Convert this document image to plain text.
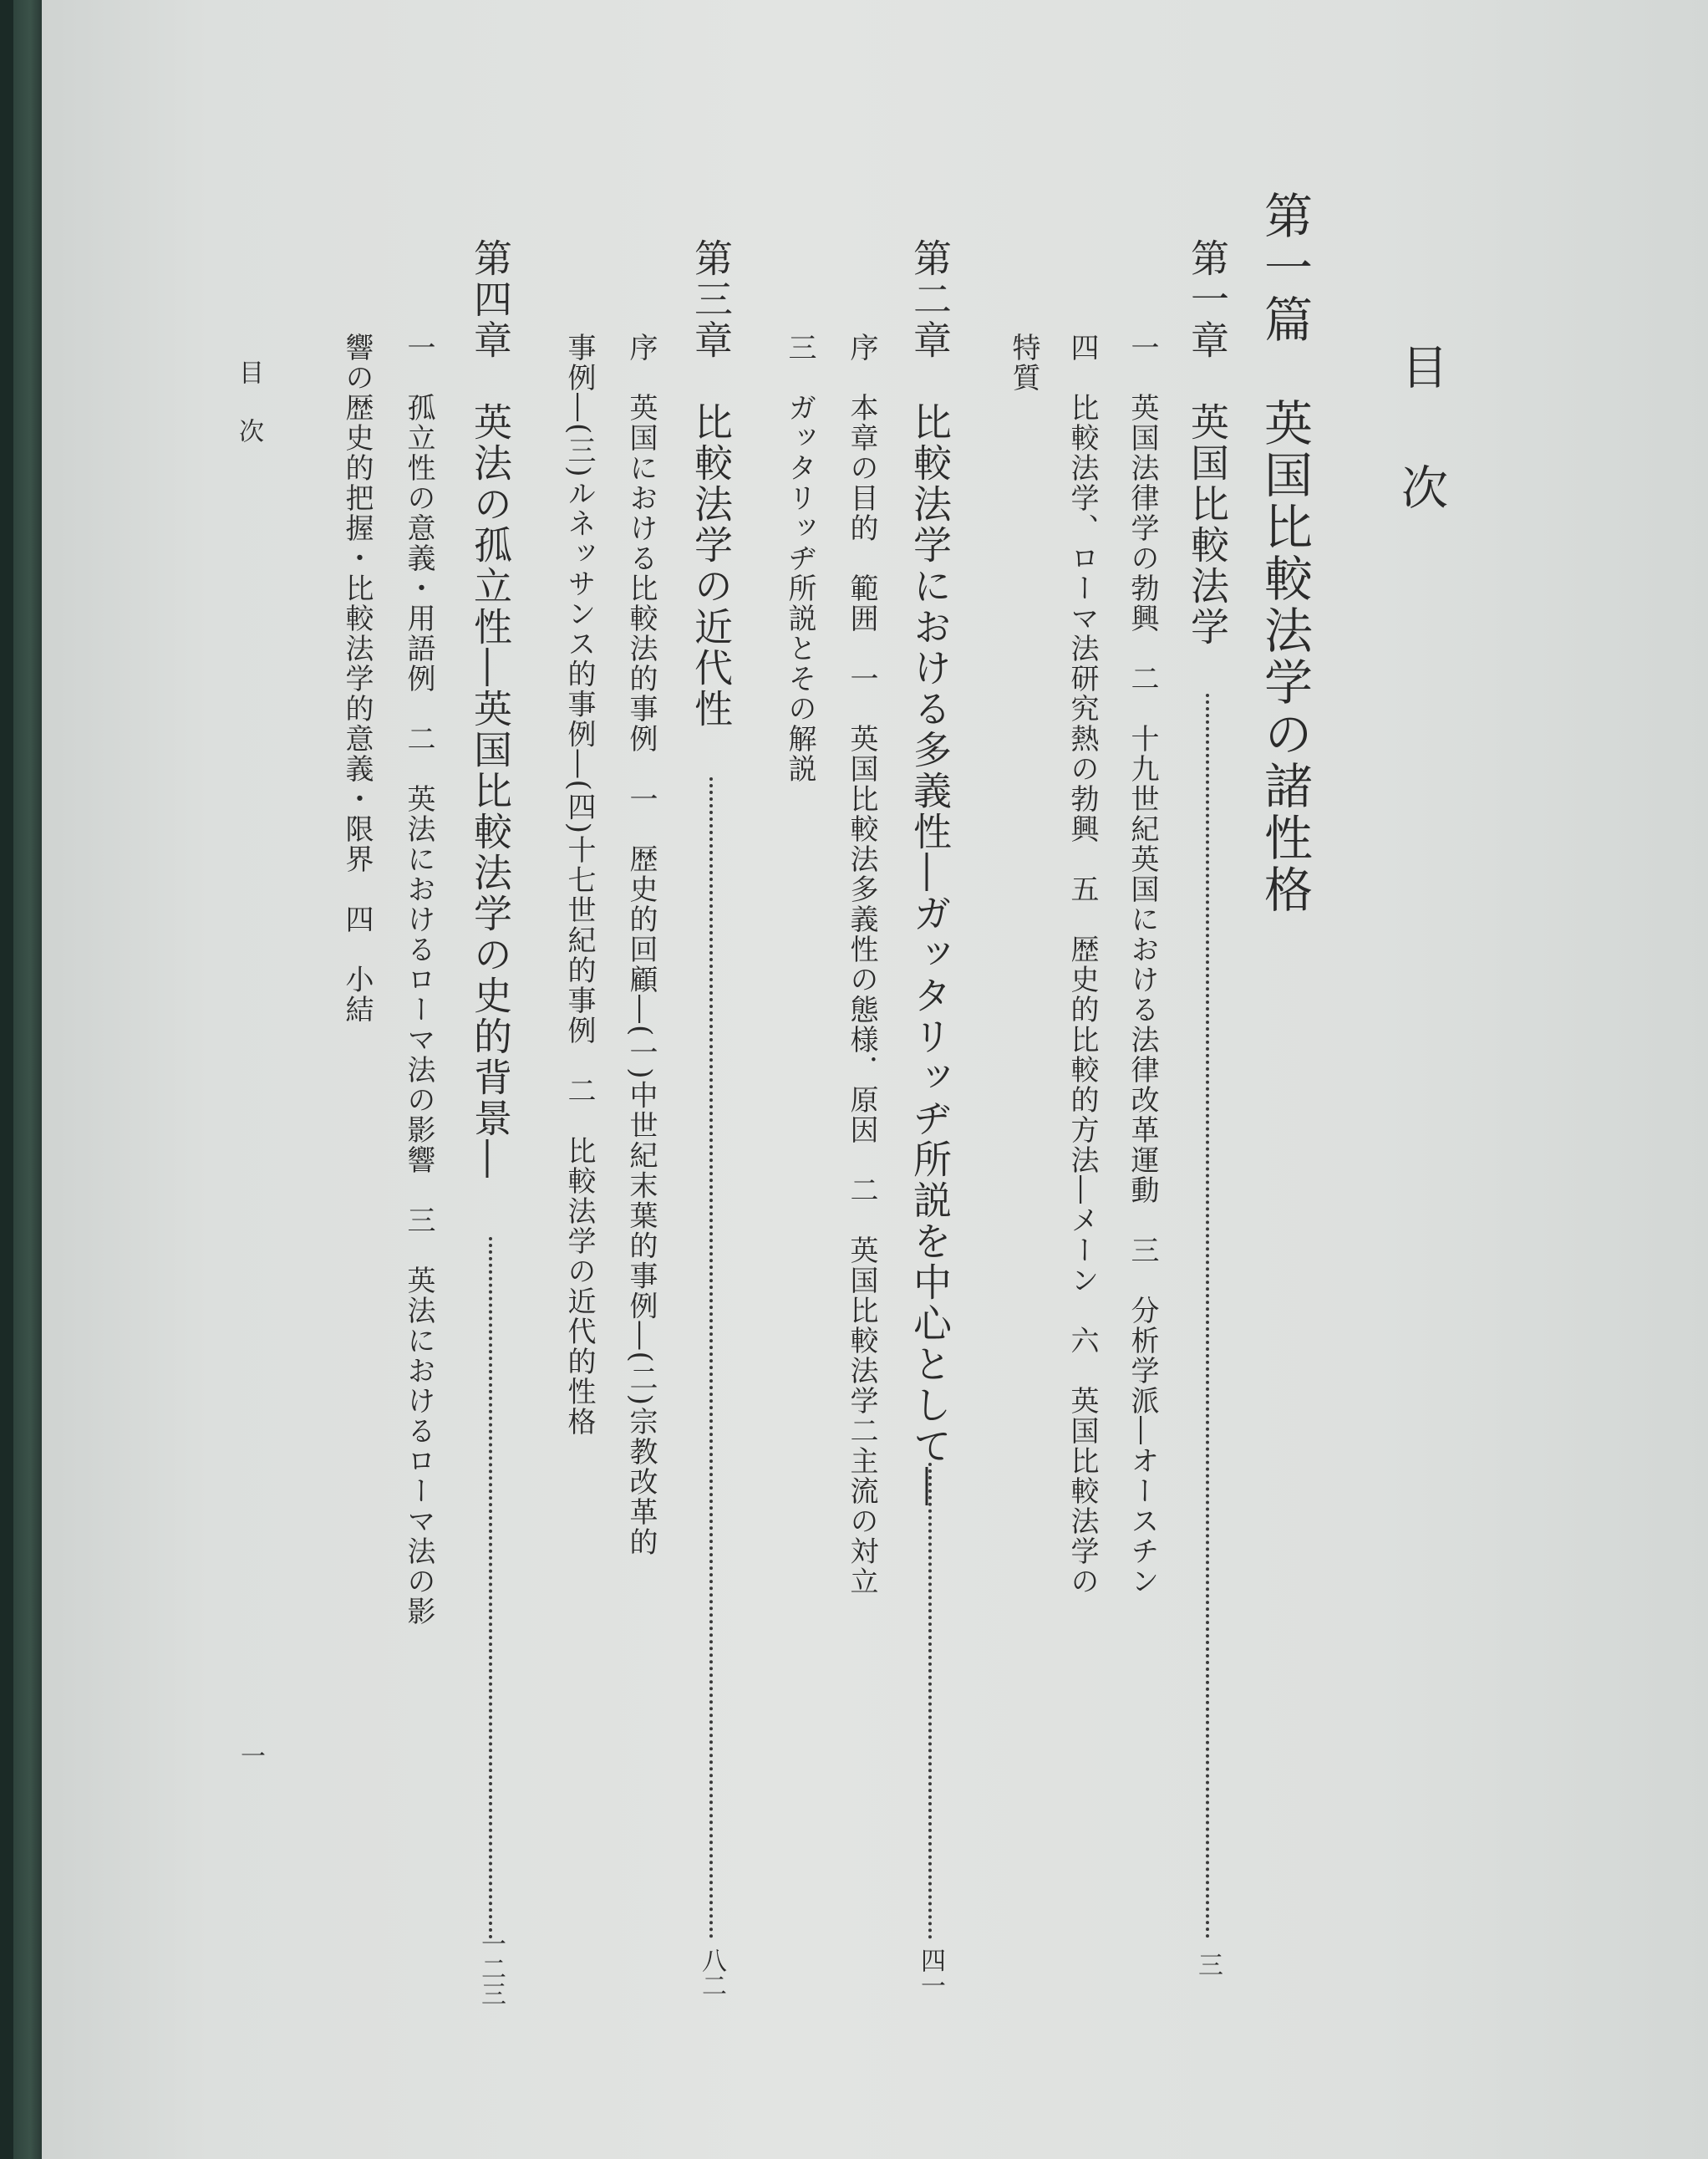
目　次
第一篇　英国比較法学の諸性格
第一章　英国比較法学
三
一　英国法律学の勃興　二　十九世紀英国における法律改革運動　三　分析学派―オースチン
四　比較法学、ローマ法研究熱の勃興　五　歴史的比較的方法―メーン　六　英国比較法学の
特質
第二章　比較法学における多義性―ガッタリッヂ所説を中心として―
四一
序　本章の目的　範囲　一　英国比較法多義性の態様．原因　二　英国比較法学二主流の対立
三　ガッタリッヂ所説とその解説
第三章　比較法学の近代性
八二
序　英国における比較法的事例　一　歴史的回顧―(一)中世紀末葉的事例―(二)宗教改革的
事例―(三)ルネッサンス的事例―(四)十七世紀的事例　二　比較法学の近代的性格
第四章　英法の孤立性―英国比較法学の史的背景―
一二三
一　孤立性の意義・用語例　二　英法におけるローマ法の影響　三　英法におけるローマ法の影
響の歴史的把握・比較法学的意義・限界　四　小結
目次
一
